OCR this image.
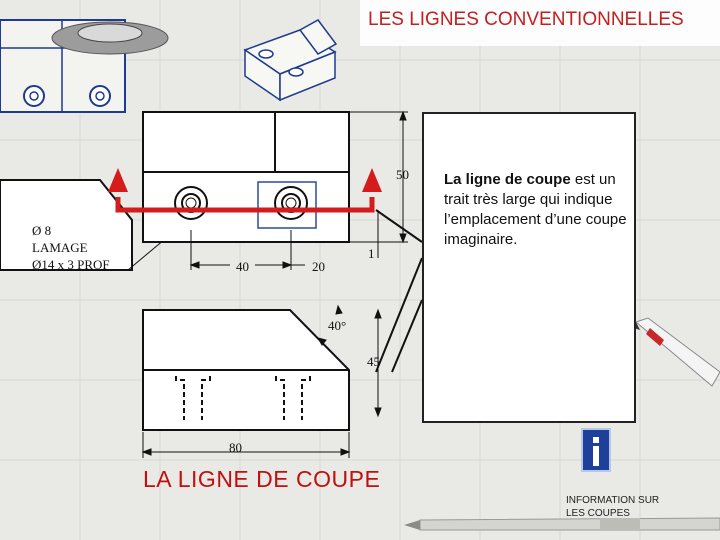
LES LIGNES CONVENTIONNELLES
Ø 8
LAMAGE
Ø14 x 3 PROF
50
40	20
1
40°
45
80

La ligne de coupe est un trait très large qui indique l’emplacement d’une coupe imaginaire.

LA LIGNE DE COUPE
INFORMATION SUR LES COUPES
